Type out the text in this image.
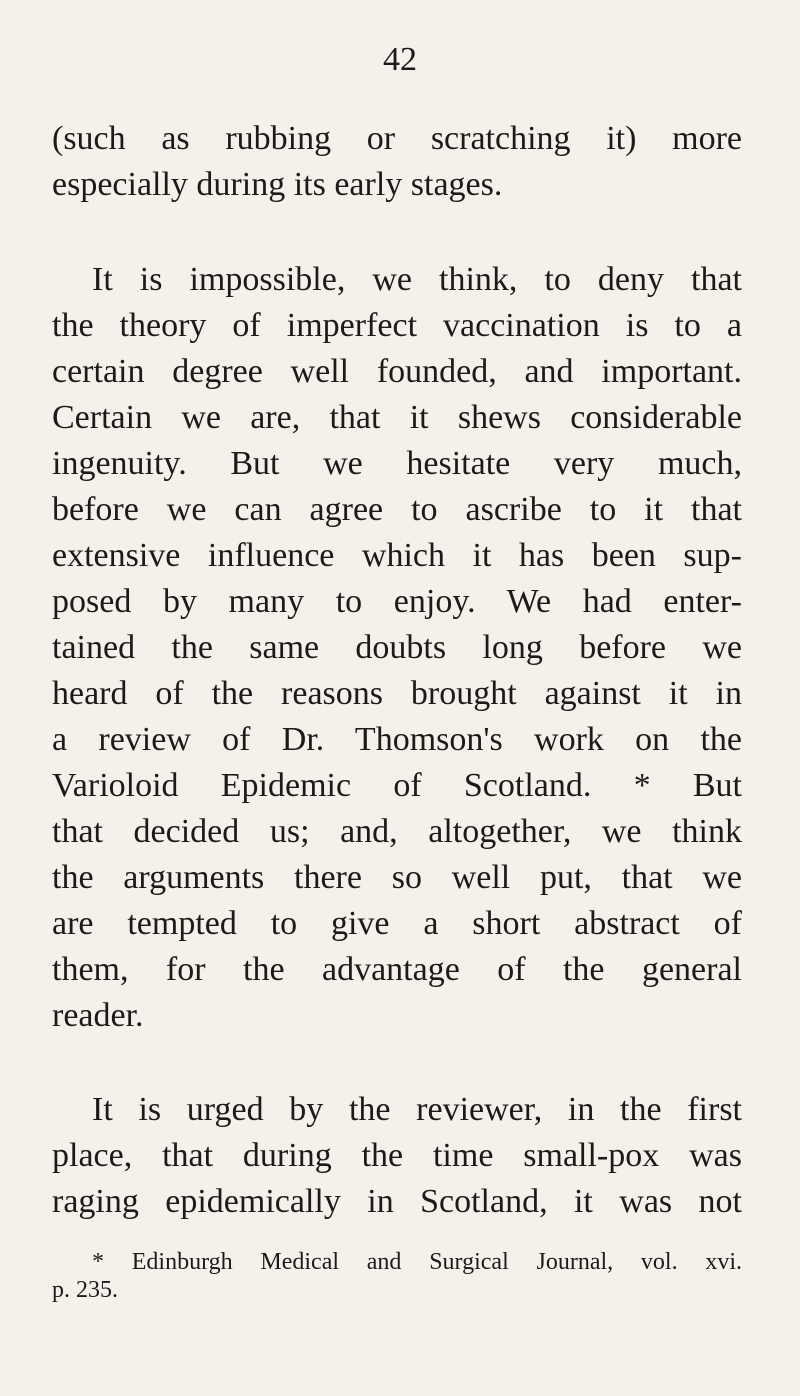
42
(such as rubbing or scratching it) more
especially during its early stages.
It is impossible, we think, to deny that
the theory of imperfect vaccination is to a
certain degree well founded, and important.
Certain we are, that it shews considerable
ingenuity. But we hesitate very much,
before we can agree to ascribe to it that
extensive influence which it has been sup-
posed by many to enjoy. We had enter-
tained the same doubts long before we
heard of the reasons brought against it in
a review of Dr. Thomson's work on the
Varioloid Epidemic of Scotland. * But
that decided us; and, altogether, we think
the arguments there so well put, that we
are tempted to give a short abstract of
them, for the advantage of the general
reader.
It is urged by the reviewer, in the first
place, that during the time small-pox was
raging epidemically in Scotland, it was not
* Edinburgh Medical and Surgical Journal, vol. xvi.
p. 235.
